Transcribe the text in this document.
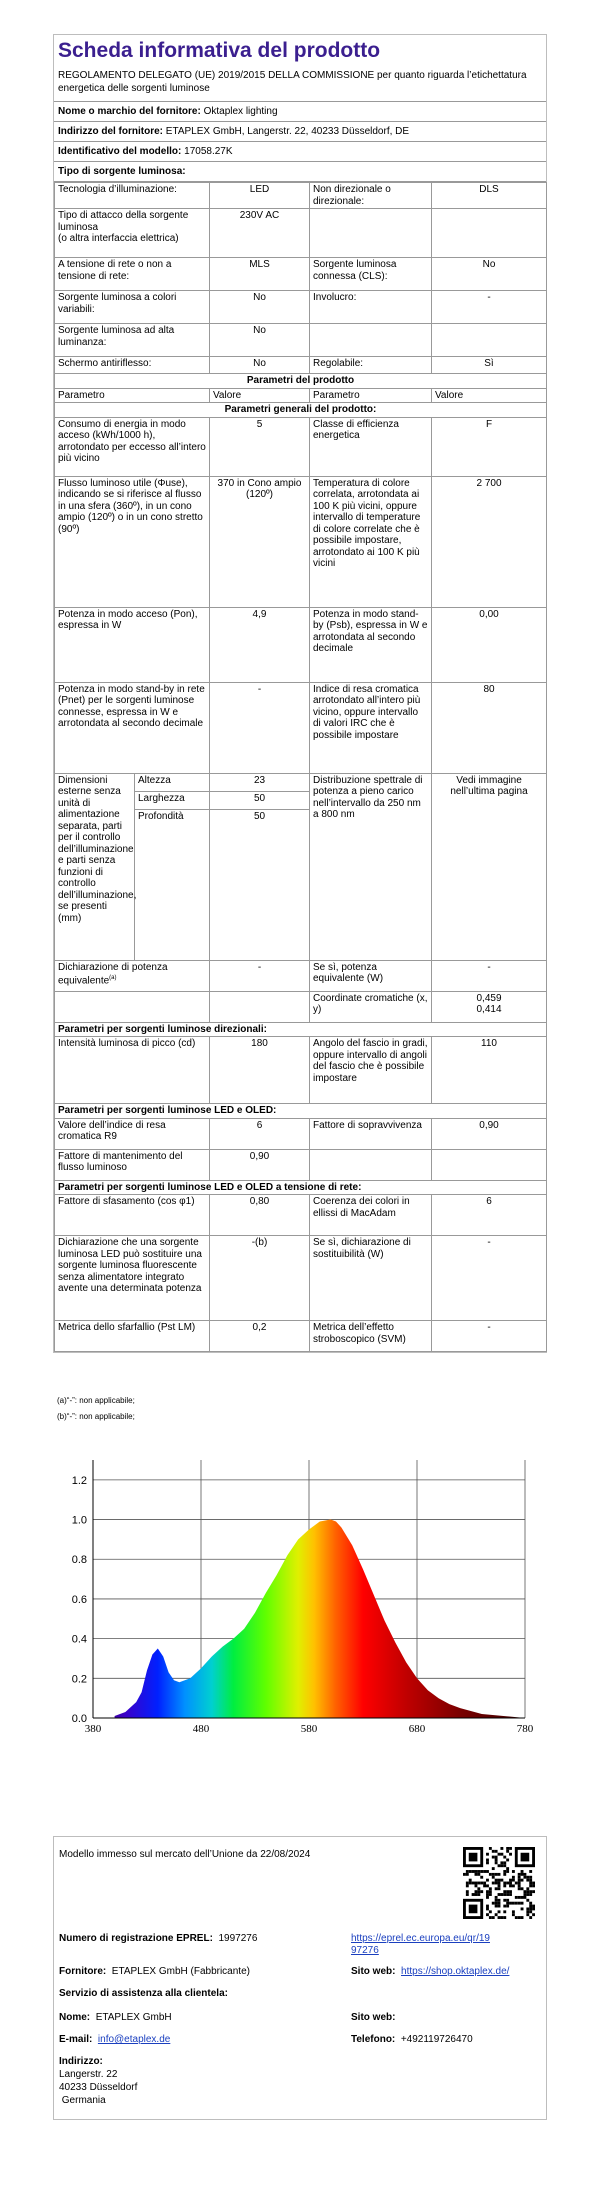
Scheda informativa del prodotto
REGOLAMENTO DELEGATO (UE) 2019/2015 DELLA COMMISSIONE per quanto riguarda l’etichettatura energetica delle sorgenti luminose
Nome o marchio del fornitore: Oktaplex lighting
Indirizzo del fornitore: ETAPLEX GmbH, Langerstr. 22, 40233 Düsseldorf, DE
Identificativo del modello: 17058.27K
Tipo di sorgente luminosa:
Tecnologia d’illuminazione:		LED	Non direzionale o direzionale:	DLS
Tipo di attacco della sorgente luminosa
(o altra interfaccia elettrica)		230V AC		
A tensione di rete o non a tensione di rete:		MLS	Sorgente luminosa connessa (CLS):	No
Sorgente luminosa a colori variabili:		No	Involucro:	-
Sorgente luminosa ad alta luminanza:		No		
Schermo antiriflesso:		No	Regolabile:	Sì
Parametri del prodotto				
Parametro		Valore	Parametro	Valore
Parametri generali del prodotto:				
Consumo di energia in modo acceso (kWh/1000 h), arrotondato per eccesso all’intero più vicino		5	Classe di efficienza energetica	F
Flusso luminoso utile (Φuse), indicando se si riferisce al flusso in una sfera (360º), in un cono ampio (120º) o in un cono stretto (90º)		370 in Cono ampio (120º)	Temperatura di colore correlata, arrotondata ai 100 K più vicini, oppure intervallo di temperature di colore correlate che è possibile impostare, arrotondato ai 100 K più vicini	2 700
Potenza in modo acceso (Pon), espressa in W		4,9	Potenza in modo stand-by (Psb), espressa in W e arrotondata al secondo decimale	0,00
Potenza in modo stand-by in rete (Pnet) per le sorgenti luminose connesse, espressa in W e arrotondata al secondo decimale		-	Indice di resa cromatica arrotondato all’intero più vicino, oppure intervallo di valori IRC che è possibile impostare	80
Dimensioni esterne senza unità di alimentazione separata, parti per il controllo dell’illuminazione e parti senza funzioni di controllo dell’illuminazione, se presenti (mm)	Altezza	23	Distribuzione spettrale di potenza a pieno carico nell’intervallo da 250 nm a 800 nm	Vedi immagine nell’ultima pagina
	Larghezza	50		
	Profondità	50		
Dichiarazione di potenza equivalente$^{(a)}$		-	Se sì, potenza equivalente (W)	-
			Coordinate cromatiche (x, y)	0,459
0,414

Parametri per sorgenti luminose direzionali:				
Intensità luminosa di picco (cd)		180	Angolo del fascio in gradi, oppure intervallo di angoli del fascio che è possibile impostare	110
Parametri per sorgenti luminose LED e OLED:				
Valore dell’indice di resa cromatica R9		6	Fattore di sopravvivenza	0,90
Fattore di mantenimento del flusso luminoso		0,90		
Parametri per sorgenti luminose LED e OLED a tensione di rete:				
Fattore di sfasamento (cos φ1)		0,80	Coerenza dei colori in ellissi di MacAdam	6
Dichiarazione che una sorgente luminosa LED può sostituire una sorgente luminosa fluorescente senza alimentatore integrato avente una determinata potenza		-(b)	Se sì, dichiarazione di sostituibilità (W)	-
Metrica dello sfarfallio (Pst LM)		0,2	Metrica dell’effetto stroboscopico (SVM)	-
(a)“-”: non applicabile;
(b)“-”: non applicabile;
380	480	580	680	780
0.0
0.2
0.4
0.6
0.8
1.0
1.2
Modello immesso sul mercato dell’Unione da 22/08/2024
Numero di registrazione EPREL: 1997276	https://eprel.ec.europa.eu/qr/19
97276
Fornitore: ETAPLEX GmbH (Fabbricante)	Sito web: https://shop.oktaplex.de/
Servizio di assistenza alla clientela:
Nome: ETAPLEX GmbH	Sito web:
E-mail: info@etaplex.de	Telefono: +492119726470
Indirizzo:
Langerstr. 22
40233 Düsseldorf
Germania
